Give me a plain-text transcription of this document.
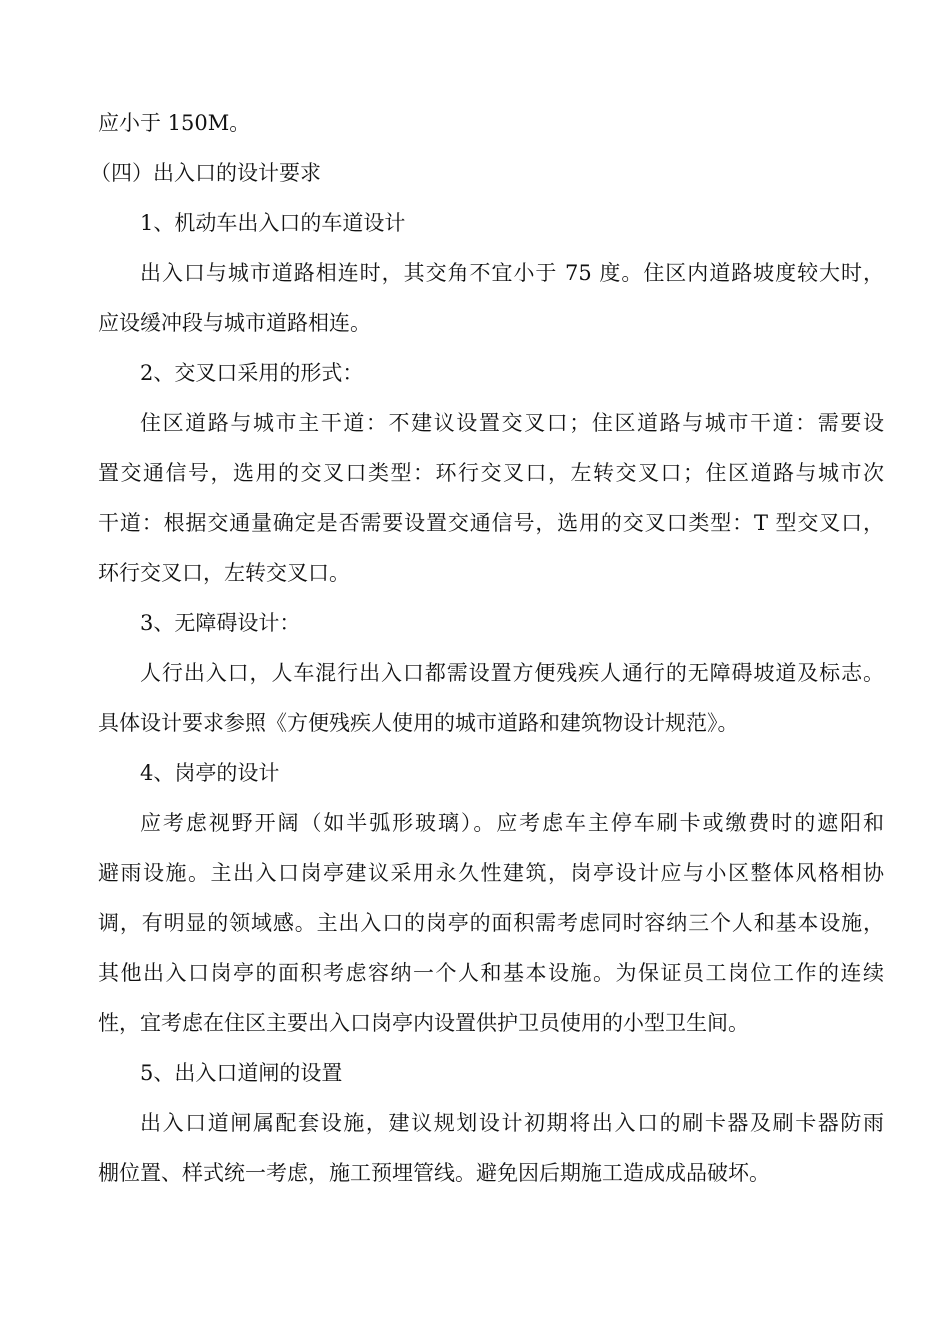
应小于 150M。
（四）出入口的设计要求
1、机动车出入口的车道设计
出入口与城市道路相连时，其交角不宜小于 75 度。住区内道路坡度较大时，
应设缓冲段与城市道路相连。
2、交叉口采用的形式：
住区道路与城市主干道：不建议设置交叉口；住区道路与城市干道：需要设
置交通信号，选用的交叉口类型：环行交叉口，左转交叉口；住区道路与城市次
干道：根据交通量确定是否需要设置交通信号，选用的交叉口类型：T 型交叉口，
环行交叉口，左转交叉口。
3、无障碍设计：
人行出入口，人车混行出入口都需设置方便残疾人通行的无障碍坡道及标志。
具体设计要求参照《方便残疾人使用的城市道路和建筑物设计规范》。
4、岗亭的设计
应考虑视野开阔（如半弧形玻璃）。应考虑车主停车刷卡或缴费时的遮阳和
避雨设施。主出入口岗亭建议采用永久性建筑，岗亭设计应与小区整体风格相协
调，有明显的领域感。主出入口的岗亭的面积需考虑同时容纳三个人和基本设施，
其他出入口岗亭的面积考虑容纳一个人和基本设施。为保证员工岗位工作的连续
性，宜考虑在住区主要出入口岗亭内设置供护卫员使用的小型卫生间。
5、出入口道闸的设置
出入口道闸属配套设施，建议规划设计初期将出入口的刷卡器及刷卡器防雨
棚位置、样式统一考虑，施工预埋管线。避免因后期施工造成成品破坏。
